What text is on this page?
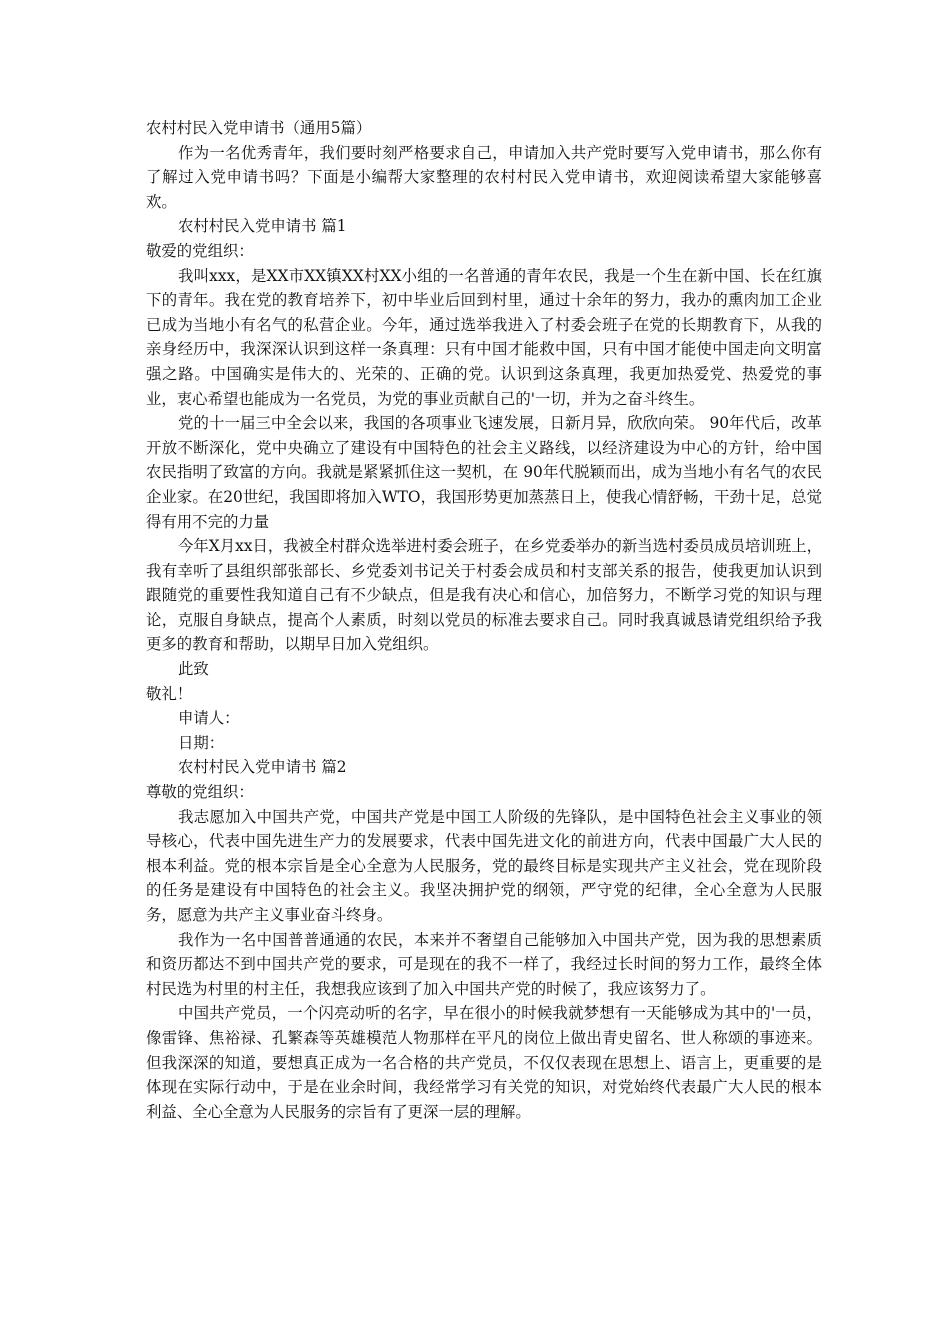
农村村民入党申请书（通用5篇）

作为一名优秀青年，我们要时刻严格要求自己，申请加入共产党时要写入党申请书，那么你有了解过入党申请书吗？下面是小编帮大家整理的农村村民入党申请书，欢迎阅读希望大家能够喜欢。

农村村民入党申请书 篇1

敬爱的党组织：

我叫xxx，是XX市XX镇XX村XX小组的一名普通的青年农民，我是一个生在新中国、长在红旗下的青年。我在党的教育培养下，初中毕业后回到村里，通过十余年的努力，我办的熏肉加工企业已成为当地小有名气的私营企业。今年，通过选举我进入了村委会班子在党的长期教育下，从我的亲身经历中，我深深认识到这样一条真理：只有中国才能救中国，只有中国才能使中国走向文明富强之路。中国确实是伟大的、光荣的、正确的党。认识到这条真理，我更加热爱党、热爱党的事业，衷心希望也能成为一名党员，为党的事业贡献自己的'一切，并为之奋斗终生。

党的十一届三中全会以来，我国的各项事业飞速发展，日新月异，欣欣向荣。 90年代后，改革开放不断深化，党中央确立了建设有中国特色的社会主义路线，以经济建设为中心的方针，给中国农民指明了致富的方向。我就是紧紧抓住这一契机，在 90年代脱颖而出，成为当地小有名气的农民企业家。在20世纪，我国即将加入WTO，我国形势更加蒸蒸日上，使我心情舒畅，干劲十足，总觉得有用不完的力量

今年X月xx日，我被全村群众选举进村委会班子，在乡党委举办的新当选村委员成员培训班上，我有幸听了县组织部张部长、乡党委刘书记关于村委会成员和村支部关系的报告，使我更加认识到跟随党的重要性我知道自己有不少缺点，但是我有决心和信心，加倍努力，不断学习党的知识与理论，克服自身缺点，提高个人素质，时刻以党员的标准去要求自己。同时我真诚恳请党组织给予我更多的教育和帮助，以期早日加入党组织。

此致

敬礼！

申请人：

日期：

农村村民入党申请书 篇2

尊敬的党组织：

我志愿加入中国共产党，中国共产党是中国工人阶级的先锋队，是中国特色社会主义事业的领导核心，代表中国先进生产力的发展要求，代表中国先进文化的前进方向，代表中国最广大人民的根本利益。党的根本宗旨是全心全意为人民服务，党的最终目标是实现共产主义社会，党在现阶段的任务是建设有中国特色的社会主义。我坚决拥护党的纲领，严守党的纪律，全心全意为人民服务，愿意为共产主义事业奋斗终身。

我作为一名中国普普通通的农民，本来并不奢望自己能够加入中国共产党，因为我的思想素质和资历都达不到中国共产党的要求，可是现在的我不一样了，我经过长时间的努力工作，最终全体村民选为村里的村主任，我想我应该到了加入中国共产党的时候了，我应该努力了。

中国共产党员，一个闪亮动听的名字，早在很小的时候我就梦想有一天能够成为其中的'一员，像雷锋、焦裕禄、孔繁森等英雄模范人物那样在平凡的岗位上做出青史留名、世人称颂的事迹来。但我深深的知道，要想真正成为一名合格的共产党员，不仅仅表现在思想上、语言上，更重要的是体现在实际行动中，于是在业余时间，我经常学习有关党的知识，对党始终代表最广大人民的根本利益、全心全意为人民服务的宗旨有了更深一层的理解。
